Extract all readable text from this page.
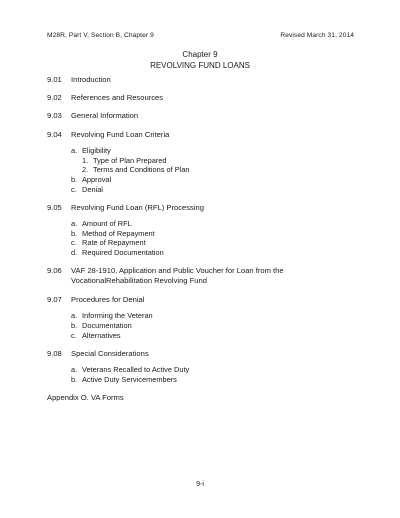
M28R, Part V, Section B, Chapter 9	Revised March 31, 2014
Chapter 9
REVOLVING FUND LOANS
9.01	Introduction
9.02	References and Resources
9.03	General Information
9.04	Revolving Fund Loan Criteria
a. Eligibility
1. Type of Plan Prepared
2. Terms and Conditions of Plan
b. Approval
c. Denial
9.05	Revolving Fund Loan (RFL) Processing
a. Amount of RFL
b. Method of Repayment
c. Rate of Repayment
d. Required Documentation
9.06	VAF 28-1910, Application and Public Voucher for Loan from the VocationalRehabilitation Revolving Fund
9.07	Procedures for Denial
a. Informing the Veteran
b. Documentation
c. Alternatives
9.08	Special Considerations
a. Veterans Recalled to Active Duty
b. Active Duty Servicemembers
Appendix O. VA Forms
9-i
